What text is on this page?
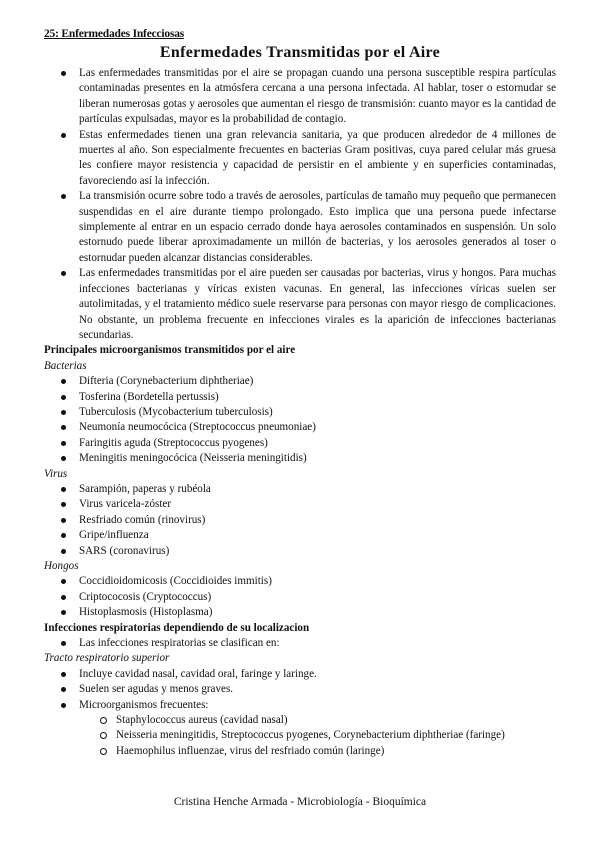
25: Enfermedades Infecciosas
Enfermedades Transmitidas por el Aire
Las enfermedades transmitidas por el aire se propagan cuando una persona susceptible respira partículas contaminadas presentes en la atmósfera cercana a una persona infectada. Al hablar, toser o estornudar se liberan numerosas gotas y aerosoles que aumentan el riesgo de transmisión: cuanto mayor es la cantidad de partículas expulsadas, mayor es la probabilidad de contagio.
Estas enfermedades tienen una gran relevancia sanitaria, ya que producen alrededor de 4 millones de muertes al año. Son especialmente frecuentes en bacterias Gram positivas, cuya pared celular más gruesa les confiere mayor resistencia y capacidad de persistir en el ambiente y en superficies contaminadas, favoreciendo así la infección.
La transmisión ocurre sobre todo a través de aerosoles, partículas de tamaño muy pequeño que permanecen suspendidas en el aire durante tiempo prolongado. Esto implica que una persona puede infectarse simplemente al entrar en un espacio cerrado donde haya aerosoles contaminados en suspensión. Un solo estornudo puede liberar aproximadamente un millón de bacterias, y los aerosoles generados al toser o estornudar pueden alcanzar distancias considerables.
Las enfermedades transmitidas por el aire pueden ser causadas por bacterias, virus y hongos. Para muchas infecciones bacterianas y víricas existen vacunas. En general, las infecciones víricas suelen ser autolimitadas, y el tratamiento médico suele reservarse para personas con mayor riesgo de complicaciones. No obstante, un problema frecuente en infecciones virales es la aparición de infecciones bacterianas secundarias.
Principales microorganismos transmitidos por el aire
Bacterias
Difteria (Corynebacterium diphtheriae)
Tosferina (Bordetella pertussis)
Tuberculosis (Mycobacterium tuberculosis)
Neumonía neumocócica (Streptococcus pneumoniae)
Faringitis aguda (Streptococcus pyogenes)
Meningitis meningocócica (Neisseria meningitidis)
Virus
Sarampión, paperas y rubéola
Virus varicela-zóster
Resfriado común (rinovirus)
Gripe/influenza
SARS (coronavirus)
Hongos
Coccidioidomicosis (Coccidioides immitis)
Criptococosis (Cryptococcus)
Histoplasmosis (Histoplasma)
Infecciones respiratorias dependiendo de su localizacion
Las infecciones respiratorias se clasifican en:
Tracto respiratorio superior
Incluye cavidad nasal, cavidad oral, faringe y laringe.
Suelen ser agudas y menos graves.
Microorganismos frecuentes:
Staphylococcus aureus (cavidad nasal)
Neisseria meningitidis, Streptococcus pyogenes, Corynebacterium diphtheriae (faringe)
Haemophilus influenzae, virus del resfriado común (laringe)
Cristina Henche Armada - Microbiología - Bioquímica
